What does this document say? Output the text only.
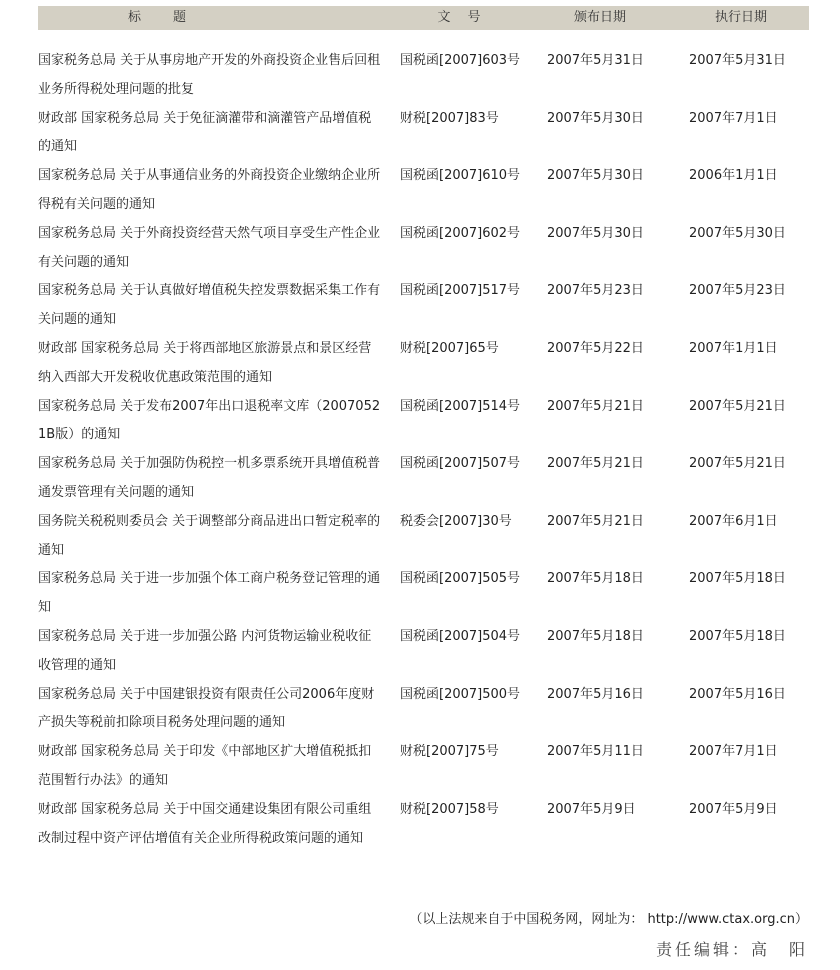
标　　题	文　号	颁布日期	执行日期
国家税务总局 关于从事房地产开发的外商投资企业售后回租业务所得税处理问题的批复
国税函[2007]603号	2007年5月31日	2007年5月31日
财政部 国家税务总局 关于免征滴灌带和滴灌管产品增值税的通知
财税[2007]83号	2007年5月30日	2007年7月1日
国家税务总局 关于从事通信业务的外商投资企业缴纳企业所得税有关问题的通知
国税函[2007]610号	2007年5月30日	2006年1月1日
国家税务总局 关于外商投资经营天然气项目享受生产性企业有关问题的通知
国税函[2007]602号	2007年5月30日	2007年5月30日
国家税务总局 关于认真做好增值税失控发票数据采集工作有关问题的通知
国税函[2007]517号	2007年5月23日	2007年5月23日
财政部 国家税务总局 关于将西部地区旅游景点和景区经营纳入西部大开发税收优惠政策范围的通知
财税[2007]65号	2007年5月22日	2007年1月1日
国家税务总局 关于发布2007年出口退税率文库（20070521B版）的通知
国税函[2007]514号	2007年5月21日	2007年5月21日
国家税务总局 关于加强防伪税控一机多票系统开具增值税普通发票管理有关问题的通知
国税函[2007]507号	2007年5月21日	2007年5月21日
国务院关税税则委员会 关于调整部分商品进出口暂定税率的通知
税委会[2007]30号	2007年5月21日	2007年6月1日
国家税务总局 关于进一步加强个体工商户税务登记管理的通知
国税函[2007]505号	2007年5月18日	2007年5月18日
国家税务总局 关于进一步加强公路 内河货物运输业税收征收管理的通知
国税函[2007]504号	2007年5月18日	2007年5月18日
国家税务总局 关于中国建银投资有限责任公司2006年度财产损失等税前扣除项目税务处理问题的通知
国税函[2007]500号	2007年5月16日	2007年5月16日
财政部 国家税务总局 关于印发《中部地区扩大增值税抵扣范围暂行办法》的通知
财税[2007]75号	2007年5月11日	2007年7月1日
财政部 国家税务总局 关于中国交通建设集团有限公司重组改制过程中资产评估增值有关企业所得税政策问题的通知
财税[2007]58号	2007年5月9日	2007年5月9日
（以上法规来自于中国税务网，网址为： http://www.ctax.org.cn）
责任编辑：高　阳
